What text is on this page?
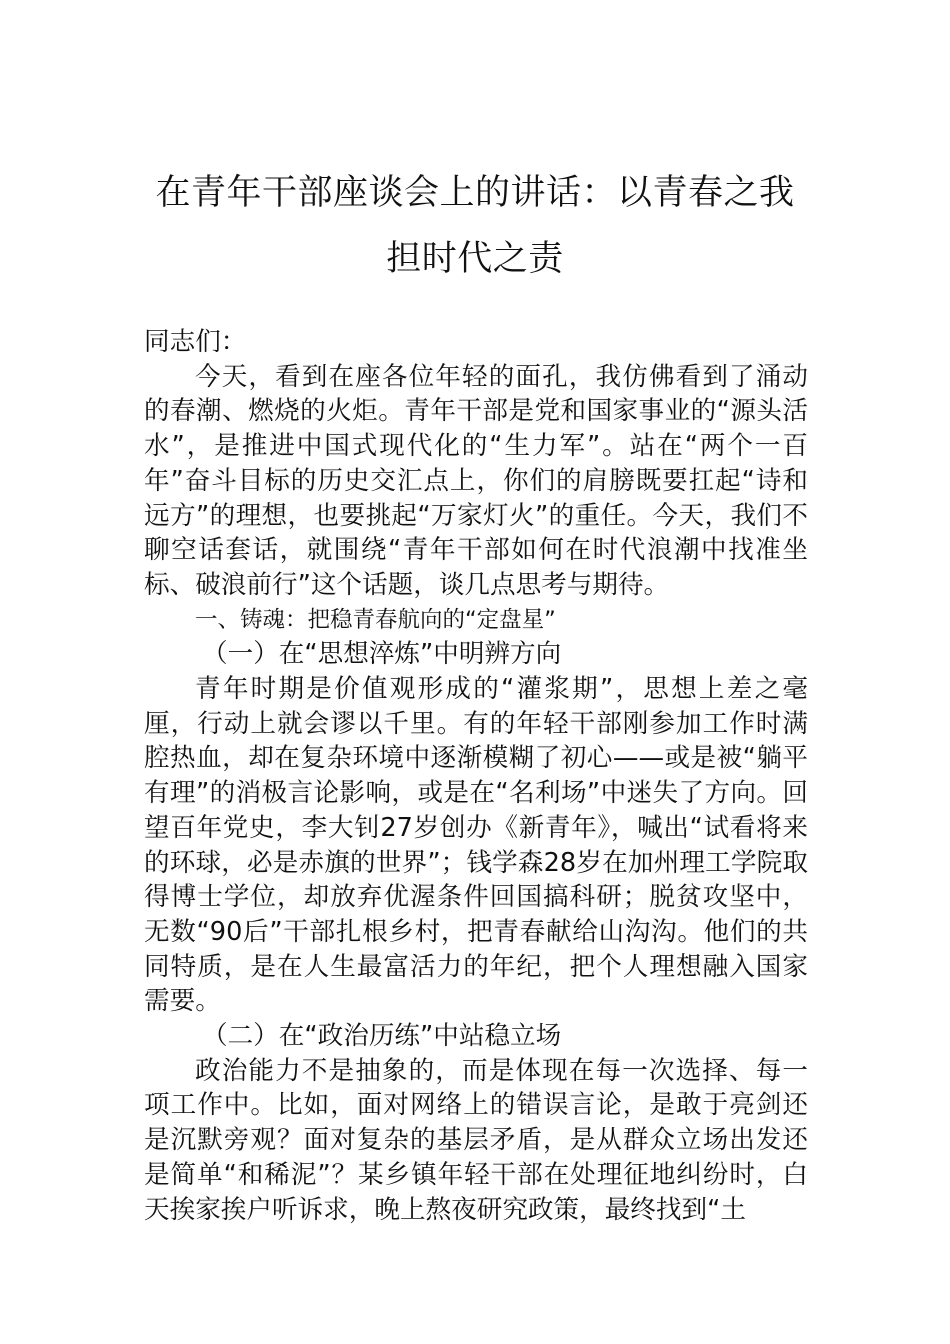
在青年干部座谈会上的讲话：以青春之我
担时代之责

同志们：

今天，看到在座各位年轻的面孔，我仿佛看到了涌动的春潮、燃烧的火炬。青年干部是党和国家事业的“源头活水”，是推进中国式现代化的“生力军”。站在“两个一百年”奋斗目标的历史交汇点上，你们的肩膀既要扛起“诗和远方”的理想，也要挑起“万家灯火”的重任。今天，我们不聊空话套话，就围绕“青年干部如何在时代浪潮中找准坐标、破浪前行”这个话题，谈几点思考与期待。

一、铸魂：把稳青春航向的“定盘星”

（一）在“思想淬炼”中明辨方向

青年时期是价值观形成的“灌浆期”，思想上差之毫厘，行动上就会谬以千里。有的年轻干部刚参加工作时满腔热血，却在复杂环境中逐渐模糊了初心——或是被“躺平有理”的消极言论影响，或是在“名利场”中迷失了方向。回望百年党史，李大钊27岁创办《新青年》，喊出“试看将来的环球，必是赤旗的世界”；钱学森28岁在加州理工学院取得博士学位，却放弃优渥条件回国搞科研；脱贫攻坚中，无数“90后”干部扎根乡村，把青春献给山沟沟。他们的共同特质，是在人生最富活力的年纪，把个人理想融入国家需要。

（二）在“政治历练”中站稳立场

政治能力不是抽象的，而是体现在每一次选择、每一项工作中。比如，面对网络上的错误言论，是敢于亮剑还是沉默旁观？面对复杂的基层矛盾，是从群众立场出发还是简单“和稀泥”？某乡镇年轻干部在处理征地纠纷时，白天挨家挨户听诉求，晚上熬夜研究政策，最终找到“土
